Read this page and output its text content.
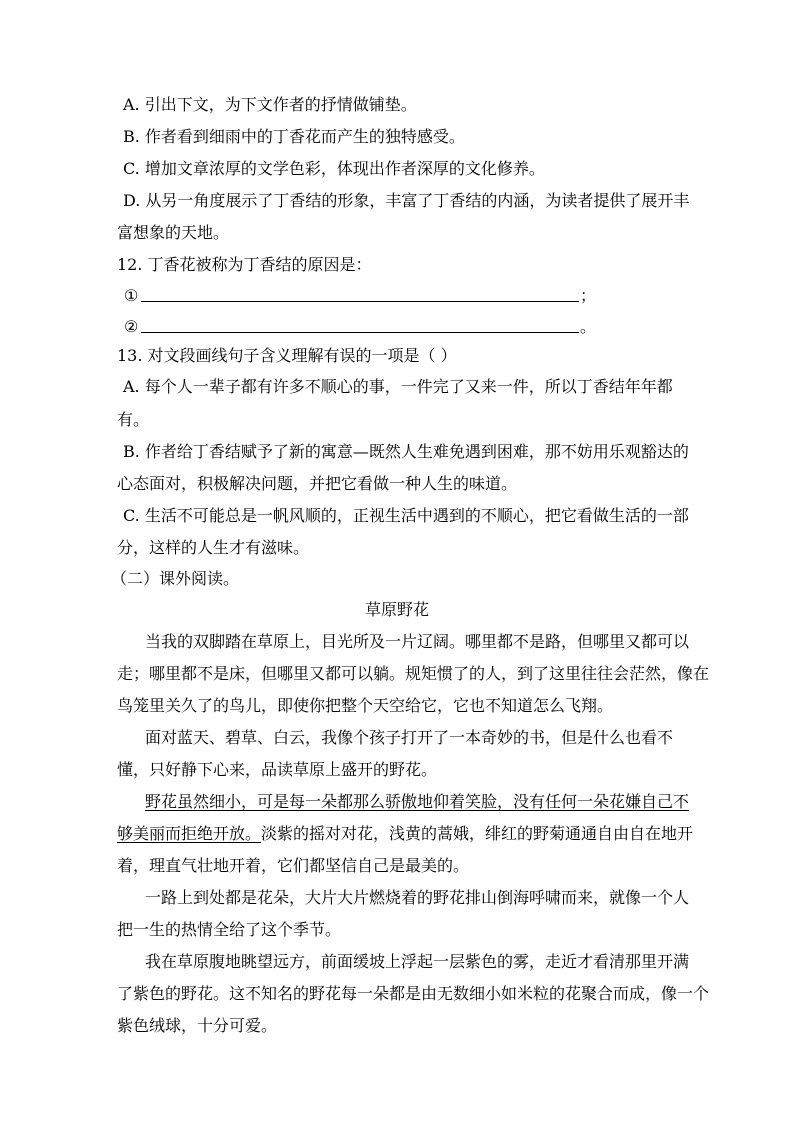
A. 引出下文，为下文作者的抒情做铺垫。
B. 作者看到细雨中的丁香花而产生的独特感受。
C. 增加文章浓厚的文学色彩，体现出作者深厚的文化修养。
D. 从另一角度展示了丁香结的形象，丰富了丁香结的内涵，为读者提供了展开丰
富想象的天地。
12. 丁香花被称为丁香结的原因是：
①	；
②	。
13. 对文段画线句子含义理解有误的一项是（ ）
A. 每个人一辈子都有许多不顺心的事，一件完了又来一件，所以丁香结年年都
有。
B. 作者给丁香结赋予了新的寓意—既然人生难免遇到困难，那不妨用乐观豁达的
心态面对，积极解决问题，并把它看做一种人生的味道。
C. 生活不可能总是一帆风顺的，正视生活中遇到的不顺心，把它看做生活的一部
分，这样的人生才有滋味。
（二）课外阅读。
草原野花
当我的双脚踏在草原上，目光所及一片辽阔。哪里都不是路，但哪里又都可以
走；哪里都不是床，但哪里又都可以躺。规矩惯了的人，到了这里往往会茫然，像在
鸟笼里关久了的鸟儿，即使你把整个天空给它，它也不知道怎么飞翔。
面对蓝天、碧草、白云，我像个孩子打开了一本奇妙的书，但是什么也看不
懂，只好静下心来，品读草原上盛开的野花。
野花虽然细小，可是每一朵都那么骄傲地仰着笑脸，没有任何一朵花嫌自己不
够美丽而拒绝开放。淡紫的摇对对花，浅黄的蒿娥，绯红的野菊通通自由自在地开
着，理直气壮地开着，它们都坚信自己是最美的。
一路上到处都是花朵，大片大片燃烧着的野花排山倒海呼啸而来，就像一个人
把一生的热情全给了这个季节。
我在草原腹地眺望远方，前面缓坡上浮起一层紫色的雾，走近才看清那里开满
了紫色的野花。这不知名的野花每一朵都是由无数细小如米粒的花聚合而成，像一个
紫色绒球，十分可爱。
